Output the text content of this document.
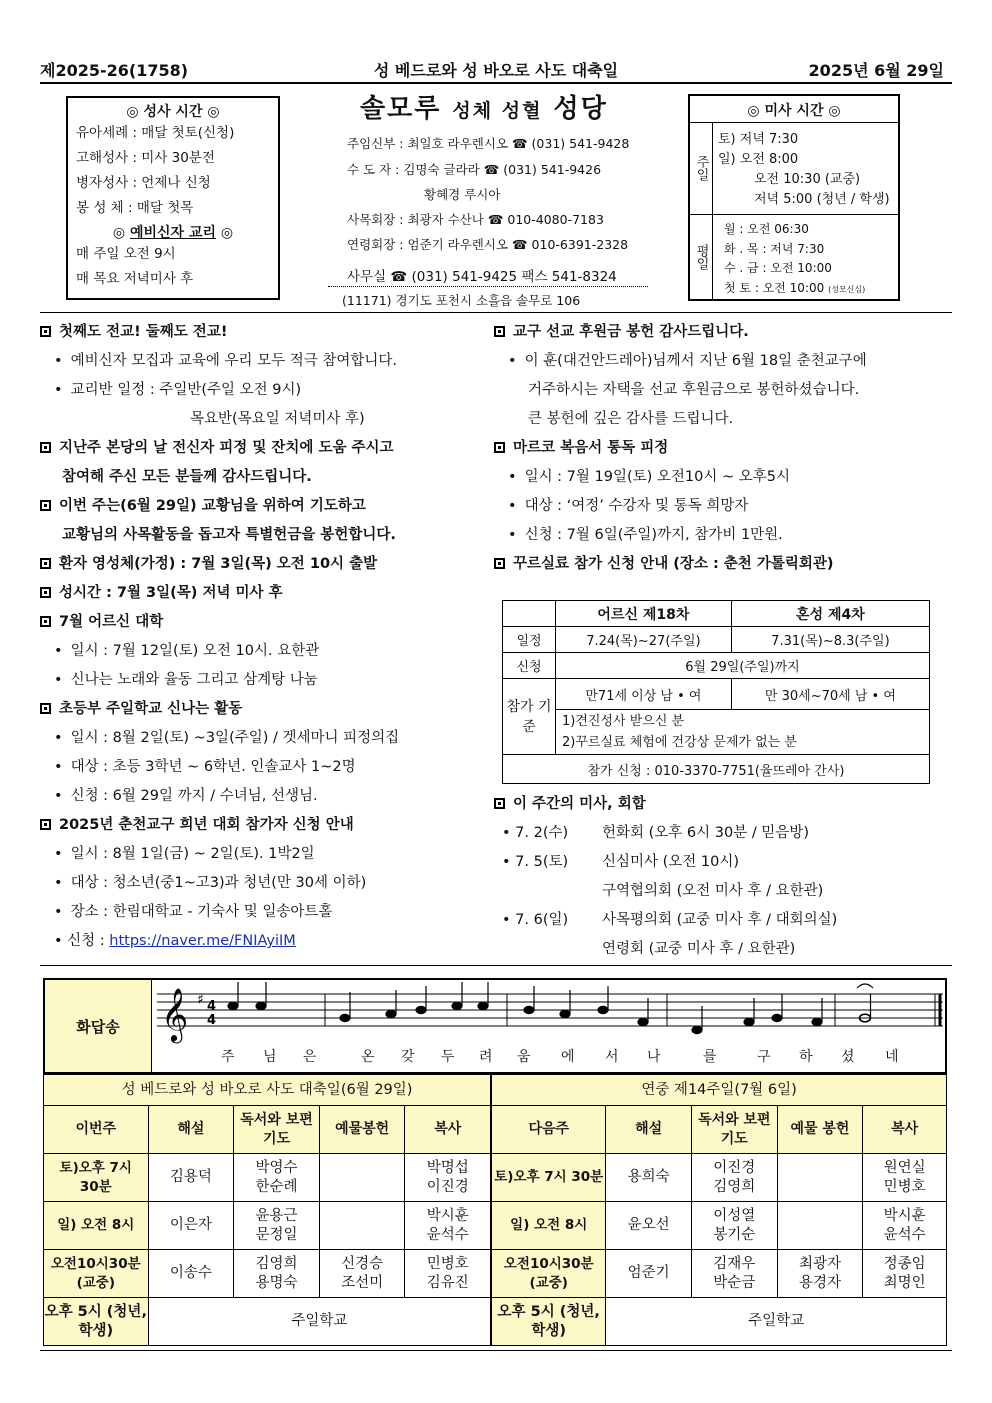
제2025-26(1758)	성 베드로와 성 바오로 사도 대축일	2025년 6월 29일
◎ 성사 시간 ◎
유아세례 : 매달 첫토(신청)
고해성사 : 미사 30분전
병자성사 : 언제나 신청
봉 성 체 : 매달 첫목
◎ 예비신자 교리 ◎
매 주일 오전 9시
매 목요 저녁미사 후
솔모루 성체 성혈 성당
주임신부 : 최일호 라우렌시오 ☎ (031) 541-9428
수 도 자 : 김명숙 글라라 ☎ (031) 541-9426
황혜경 루시아
사목회장 : 최광자 수산나 ☎ 010-4080-7183
연령회장 : 엄준기 라우렌시오 ☎ 010-6391-2328
사무실 ☎ (031) 541-9425 팩스 541-8324
(11171) 경기도 포천시 소흘읍 솔무로 106
◎ 미사 시간 ◎
주일
토) 저녁 7:30
일) 오전 8:00
오전 10:30 (교중)
저녁 5:00 (청년 / 학생)
평일
월 : 오전 06:30
화 . 목 : 저녁 7:30
수 . 금 : 오전 10:00
첫 토 : 오전 10:00 (성모신심)
첫째도 전교! 둘째도 전교!
• 예비신자 모집과 교육에 우리 모두 적극 참여합니다.
• 교리반 일정 : 주일반(주일 오전 9시)
목요반(목요일 저녁미사 후)
지난주 본당의 날 전신자 피정 및 잔치에 도움 주시고
참여해 주신 모든 분들께 감사드립니다.
이번 주는(6월 29일) 교황님을 위하여 기도하고
교황님의 사목활동을 돕고자 특별헌금을 봉헌합니다.
환자 영성체(가정) : 7월 3일(목) 오전 10시 출발
성시간 : 7월 3일(목) 저녁 미사 후
7월 어르신 대학
• 일시 : 7월 12일(토) 오전 10시. 요한관
• 신나는 노래와 율동 그리고 삼계탕 나눔
초등부 주일학교 신나는 활동
• 일시 : 8월 2일(토) ~3일(주일) / 겟세마니 피정의집
• 대상 : 초등 3학년 ~ 6학년. 인솔교사 1~2명
• 신청 : 6월 29일 까지 / 수녀님, 선생님.
2025년 춘천교구 희년 대회 참가자 신청 안내
• 일시 : 8월 1일(금) ~ 2일(토). 1박2일
• 대상 : 청소년(중1~고3)과 청년(만 30세 이하)
• 장소 : 한림대학교 - 기숙사 및 일송아트홀
• 신청 : https://naver.me/FNIAyiIM
교구 선교 후원금 봉헌 감사드립니다.
• 이 훈(대건안드레아)님께서 지난 6월 18일 춘천교구에
거주하시는 자택을 선교 후원금으로 봉헌하셨습니다.
큰 봉헌에 깊은 감사를 드립니다.
마르코 복음서 통독 피정
• 일시 : 7월 19일(토) 오전10시 ~ 오후5시
• 대상 : ‘여정’ 수강자 및 통독 희망자
• 신청 : 7월 6일(주일)까지, 참가비 1만원.
꾸르실료 참가 신청 안내 (장소 : 춘천 가톨릭회관)
	어르신 제18차	혼성 제4차
일정	7.24(목)~27(주일)	7.31(목)~8.3(주일)
신청	6월 29일(주일)까지	
참가 기준	만71세 이상 남 • 여	만 30세~70세 남 • 여

	1)견진성사 받으신 분
2)꾸르실료 체험에 건강상 문제가 없는 분	

참가 신청 : 010-3370-7751(율뜨레아 간사)		
이 주간의 미사, 회합
• 7. 2(수)	헌화회 (오후 6시 30분 / 믿음방)
• 7. 5(토)	신심미사 (오전 10시)
구역협의회 (오전 미사 후 / 요한관)
• 7. 6(일)	사목평의회 (교중 미사 후 / 대회의실)
연령회 (교중 미사 후 / 요한관)
화답송 𝄞 ♯ 4
4
주 님 은	온 갖 두 려 움 에 서 나	를	구 하 셨 네
성 베드로와 성 바오로 사도 대축일(6월 29일)					연중 제14주일(7월 6일)				
이번주	해설	독서와 보편기도	예물봉헌	복사	다음주	해설	독서와 보편기도	예물 봉헌	복사
토)오후 7시 30분	김용덕	박영수 한순례		박명섭 이진경	토)오후 7시 30분	용희숙	이진경 김영희		원연실 민병호
일) 오전 8시	이은자	윤용근 문정일		박시훈 윤석수	일) 오전 8시	윤오선	이성열 봉기순		박시훈 윤석수
오전10시30분 (교중)	이송수	김영희 용명숙	신경승 조선미	민병호 김유진	오전10시30분 (교중)	엄준기	김재우 박순금	최광자 용경자	정종임 최명인
오후 5시 (청년,학생)	주일학교				오후 5시 (청년,학생)	주일학교			
